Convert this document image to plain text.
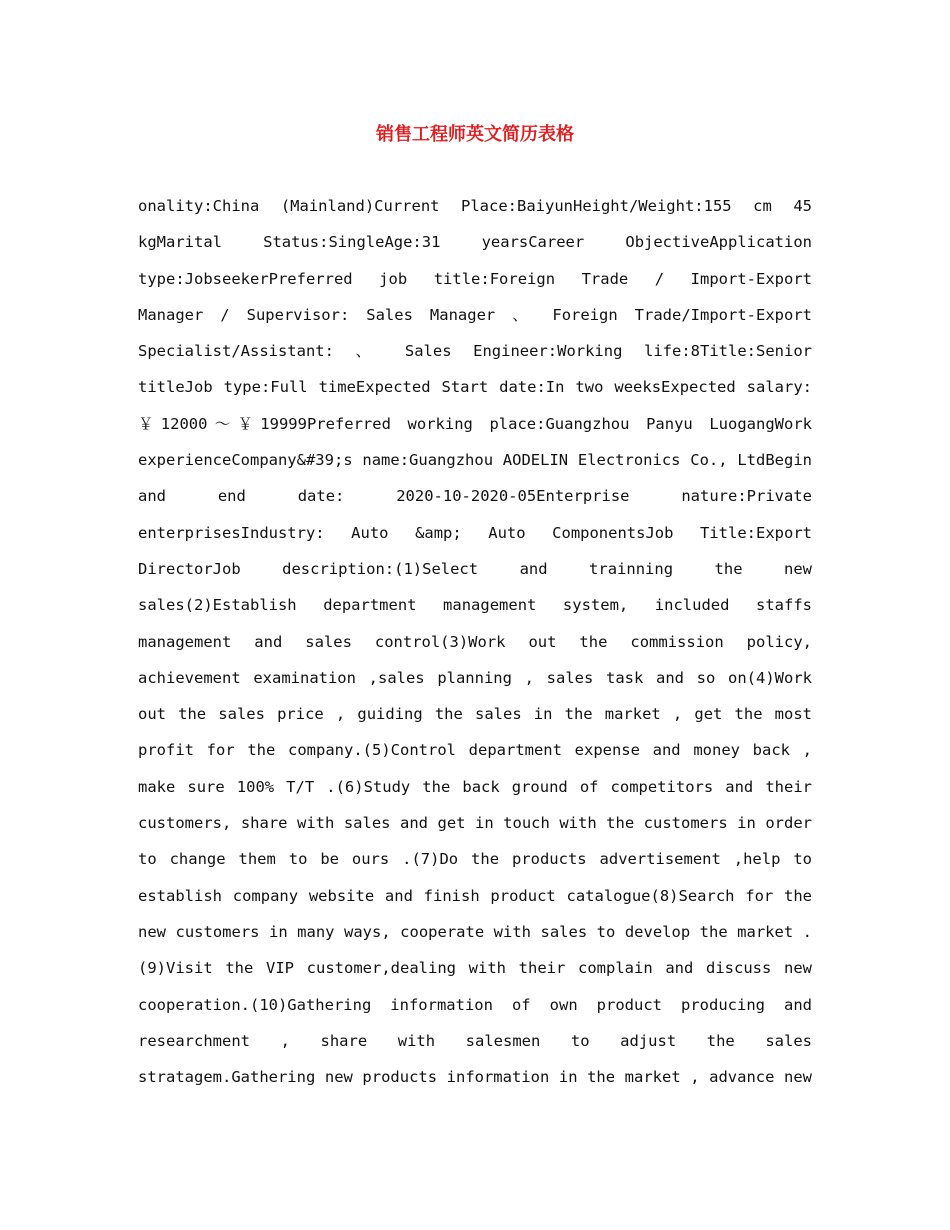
销售工程师英文简历表格
onality:China (Mainland)Current Place:BaiyunHeight/Weight:155 cm 45
kgMarital Status:SingleAge:31 yearsCareer ObjectiveApplication
type:JobseekerPreferred job title:Foreign Trade / Import-Export
Manager / Supervisor: Sales Manager 、 Foreign Trade/Import-Export
Specialist/Assistant: 、 Sales Engineer:Working life:8Title:Senior
titleJob type:Full timeExpected Start date:In two weeksExpected salary:
￥12000～￥19999Preferred working place:Guangzhou Panyu LuogangWork
experienceCompany&#39;s name:Guangzhou AODELIN Electronics Co., LtdBegin
and end date: 2020-10-2020-05Enterprise nature:Private
enterprisesIndustry: Auto &amp; Auto ComponentsJob Title:Export
DirectorJob description:(1)Select and trainning the new
sales(2)Establish department management system, included staffs
management and sales control(3)Work out the commission policy,
achievement examination ,sales planning , sales task and so on(4)Work
out the sales price , guiding the sales in the market , get the most
profit for the company.(5)Control department expense and money back ,
make sure 100% T/T .(6)Study the back ground of competitors and their
customers, share with sales and get in touch with the customers in order
to change them to be ours .(7)Do the products advertisement ,help to
establish company website and finish product catalogue(8)Search for the
new customers in many ways, cooperate with sales to develop the market .
(9)Visit the VIP customer,dealing with their complain and discuss new
cooperation.(10)Gathering information of own product producing and
researchment , share with salesmen to adjust the sales
stratagem.Gathering new products information in the market , advance new
